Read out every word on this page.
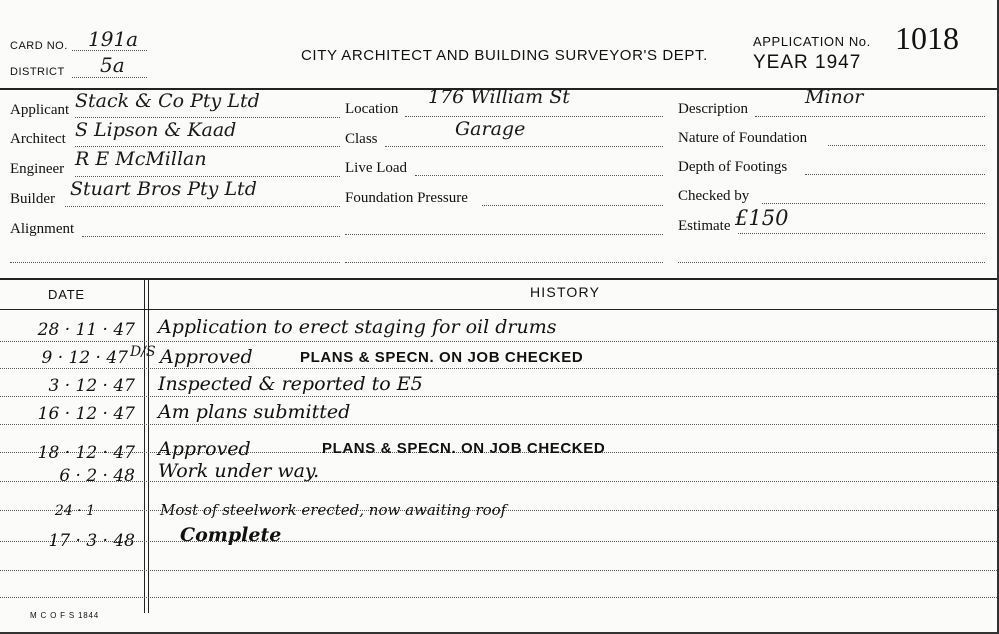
CARD NO. 191a
DISTRICT 5a	CITY ARCHITECT AND BUILDING SURVEYOR'S DEPT.
APPLICATION No. 1018
YEAR 1947
Applicant Stack & Co Pty Ltd
Architect S Lipson & Kaad
Engineer R E McMillan
Builder Stuart Bros Pty Ltd
Alignment
Location
176 William St
Class	Garage
Live Load
Foundation Pressure
Description
Minor
Nature of Foundation
Depth of Footings
Checked by
Estimate £150
DATE	HISTORY
28 · 11 · 47 Application to erect staging for oil drums
9 · 12 · 47 D/S Approved	PLANS & SPECN. ON JOB CHECKED
3 · 12 · 47 Inspected & reported to E5
16 · 12 · 47 Am plans submitted
18 · 12 · 47 Approved	PLANS & SPECN. ON JOB CHECKED
6 · 2 · 48 Work under way.
24 · 1	Most of steelwork erected, now awaiting roof
17 · 3 · 48 Complete
M C O F S 1844
